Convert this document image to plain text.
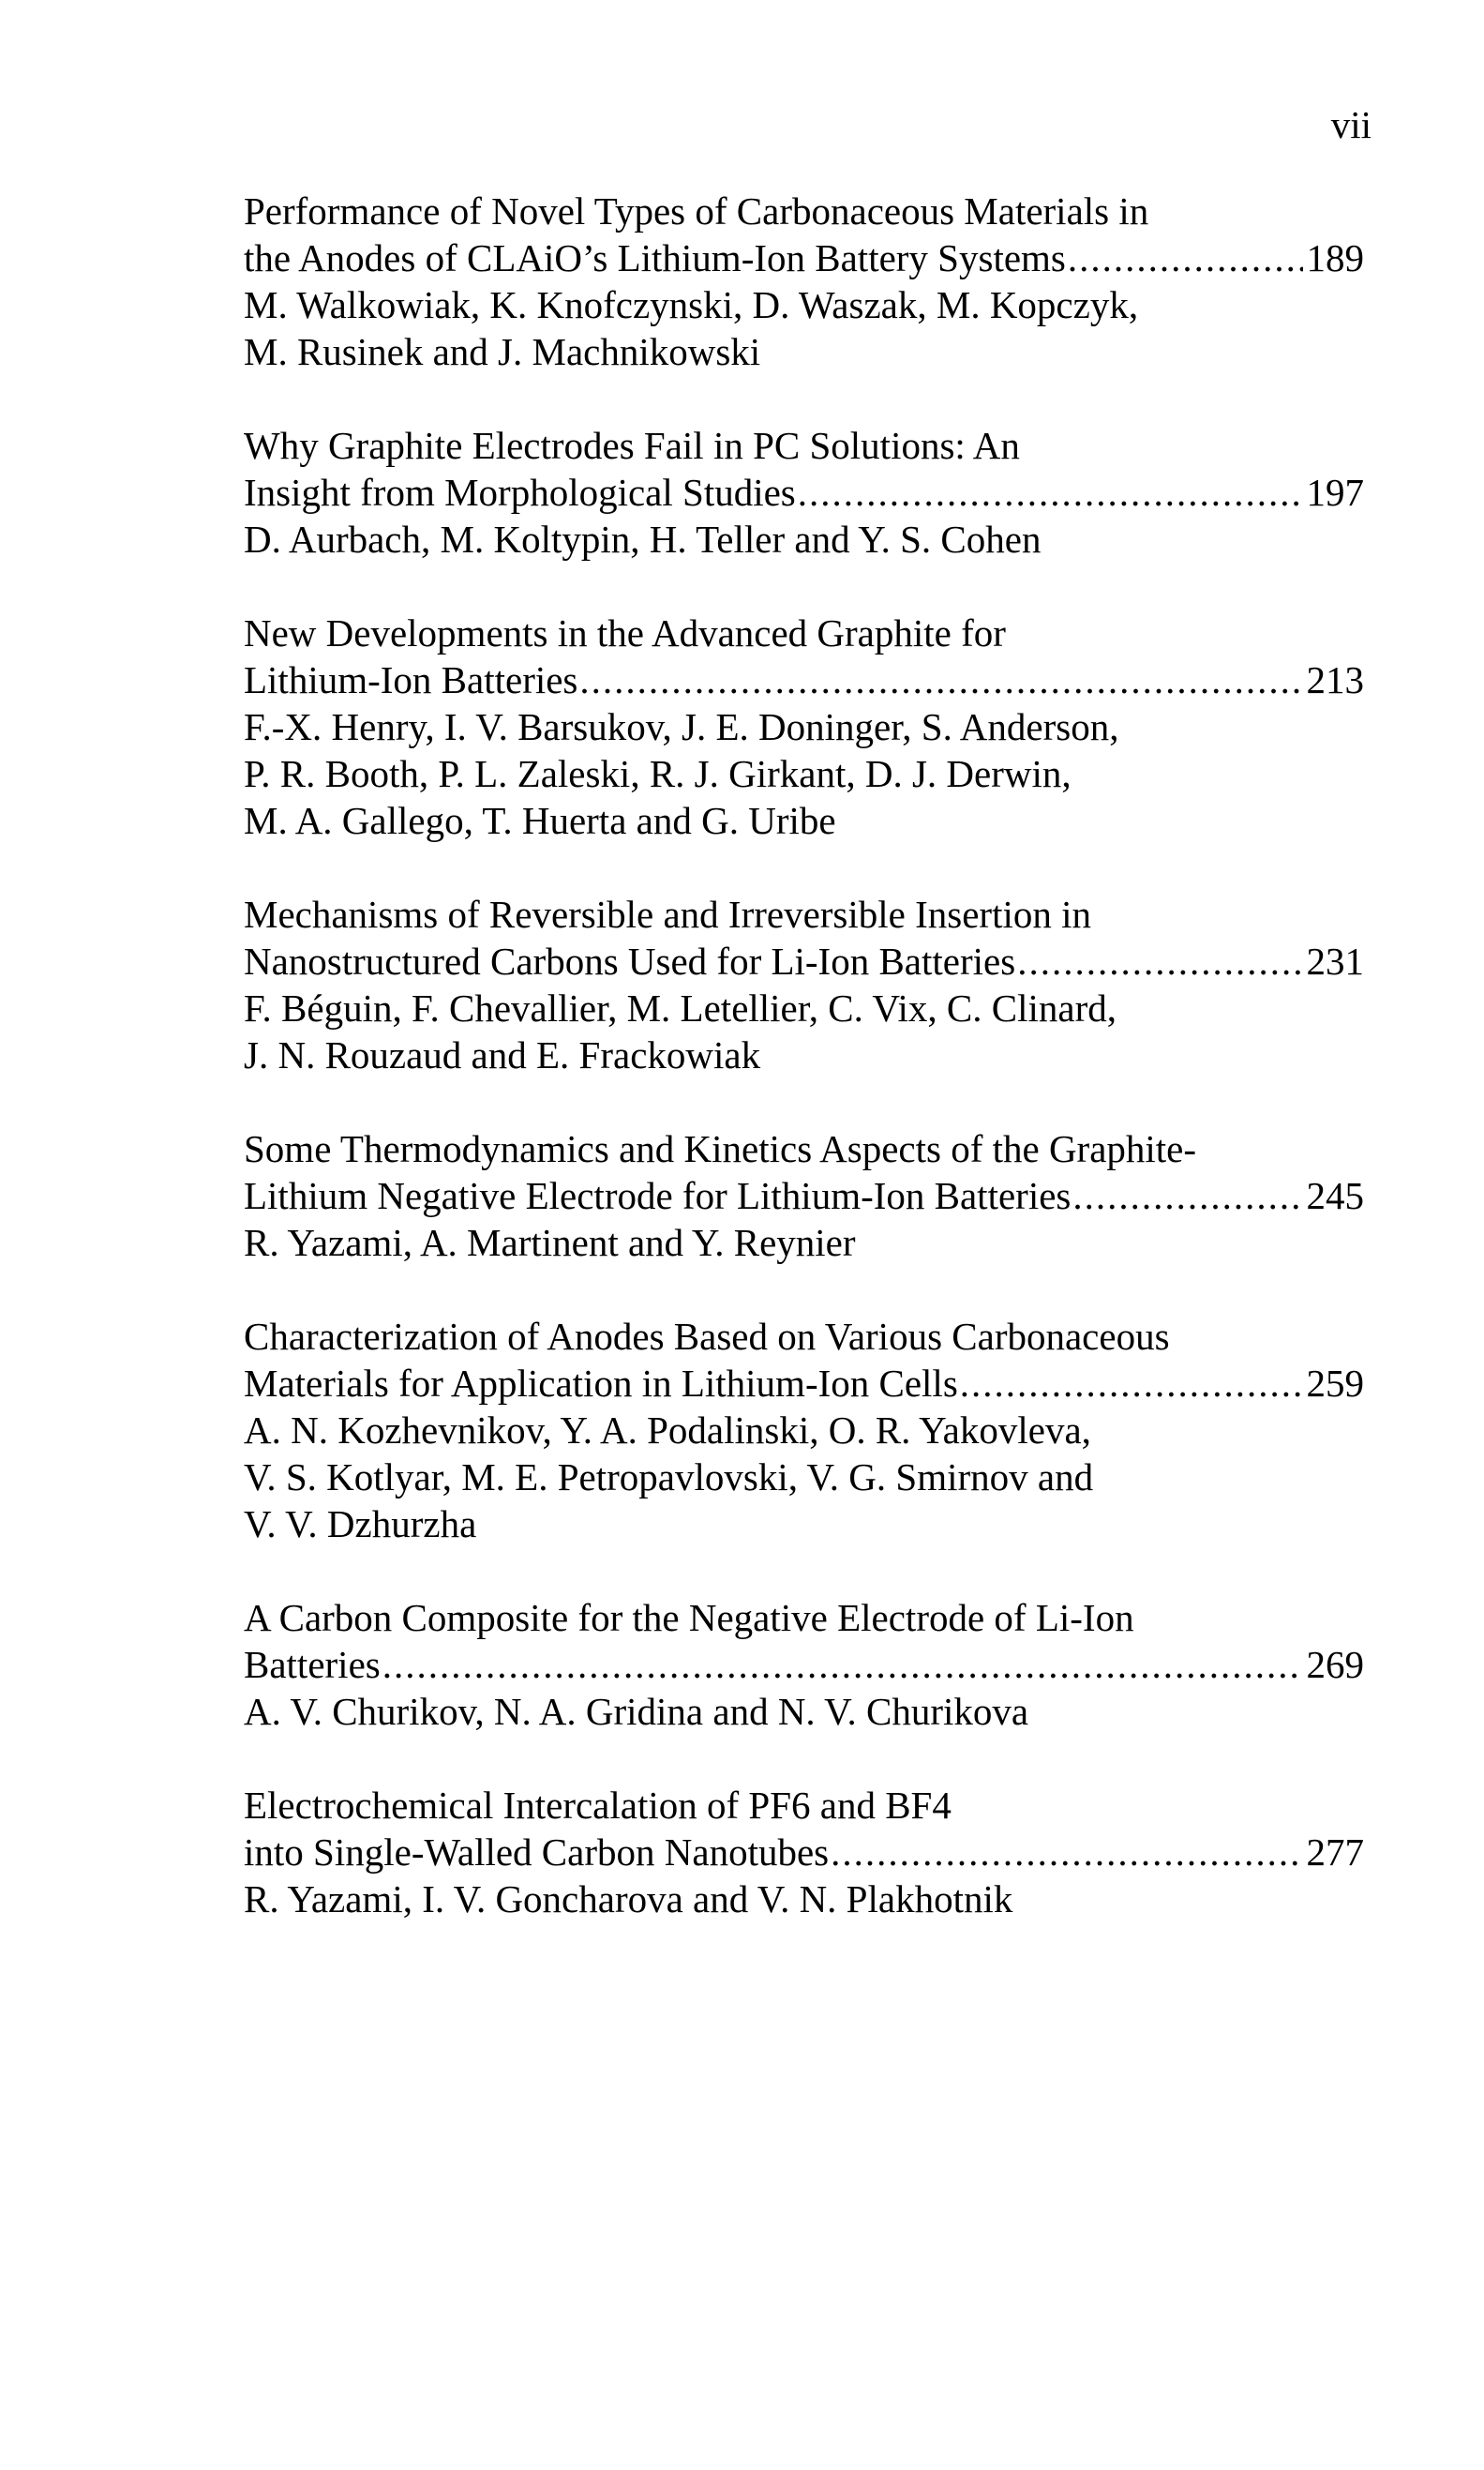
vii
Performance of Novel Types of Carbonaceous Materials in
the Anodes of CLAiO’s Lithium-Ion Battery Systems .....	189
M. Walkowiak, K. Knofczynski, D. Waszak, M. Kopczyk,
M. Rusinek and J. Machnikowski
Why Graphite Electrodes Fail in PC Solutions: An
Insight from Morphological Studies .....	197
D. Aurbach, M. Koltypin, H. Teller and Y. S. Cohen
New Developments in the Advanced Graphite for
Lithium-Ion Batteries .....	213
F.-X. Henry, I. V. Barsukov, J. E. Doninger, S. Anderson,
P. R. Booth, P. L. Zaleski, R. J. Girkant, D. J. Derwin,
M. A. Gallego, T. Huerta and G. Uribe
Mechanisms of Reversible and Irreversible Insertion in
Nanostructured Carbons Used for Li-Ion Batteries .....	231
F. Béguin, F. Chevallier, M. Letellier, C. Vix, C. Clinard,
J. N. Rouzaud and E. Frackowiak
Some Thermodynamics and Kinetics Aspects of the Graphite-
Lithium Negative Electrode for Lithium-Ion Batteries .....	245
R. Yazami, A. Martinent and Y. Reynier
Characterization of Anodes Based on Various Carbonaceous
Materials for Application in Lithium-Ion Cells .....	259
A. N. Kozhevnikov, Y. A. Podalinski, O. R. Yakovleva,
V. S. Kotlyar, M. E. Petropavlovski, V. G. Smirnov and
V. V. Dzhurzha
A Carbon Composite for the Negative Electrode of Li-Ion
Batteries .....	269
A. V. Churikov, N. A. Gridina and N. V. Churikova
Electrochemical Intercalation of PF
6 and BF
4
into Single-Walled Carbon Nanotubes .....	277
R. Yazami, I. V. Goncharova and V. N. Plakhotnik
